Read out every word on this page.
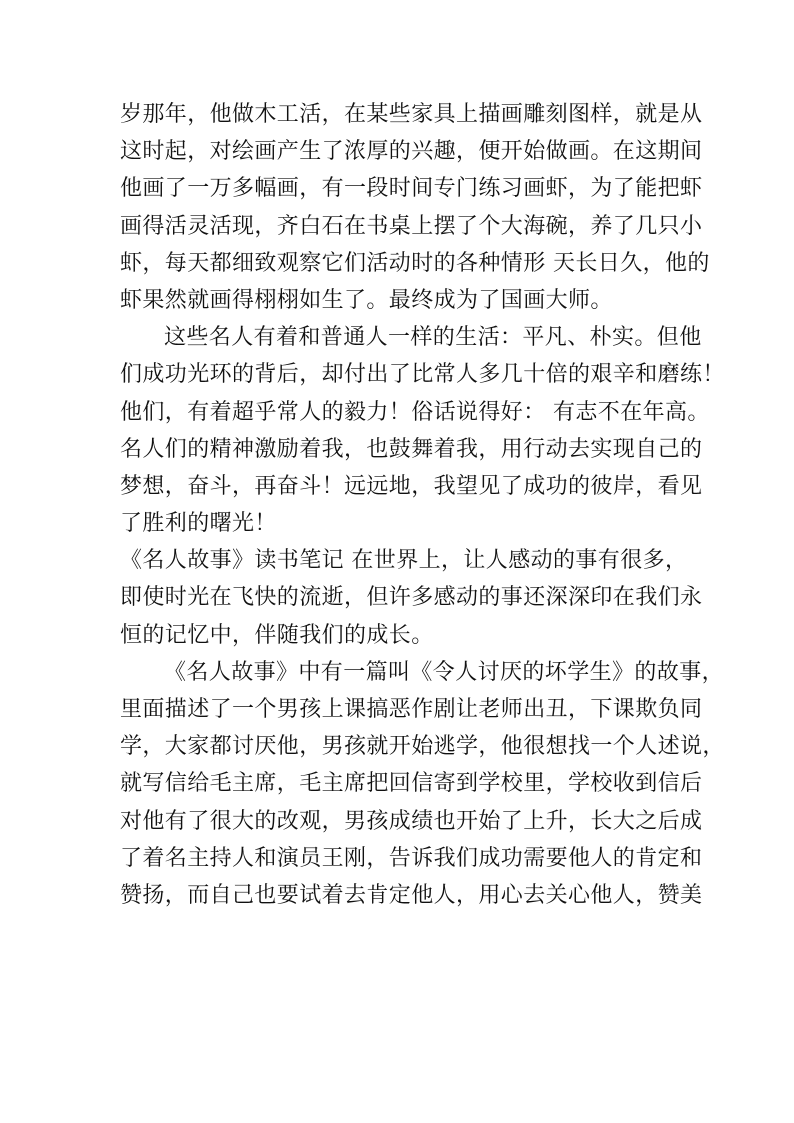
岁那年，他做木工活，在某些家具上描画雕刻图样，就是从
这时起，对绘画产生了浓厚的兴趣，便开始做画。在这期间
他画了一万多幅画，有一段时间专门练习画虾，为了能把虾
画得活灵活现，齐白石在书桌上摆了个大海碗，养了几只小
虾，每天都细致观察它们活动时的各种情形 天长日久，他的
虾果然就画得栩栩如生了。最终成为了国画大师。
这些名人有着和普通人一样的生活：平凡、朴实。但他
们成功光环的背后，却付出了比常人多几十倍的艰辛和磨练！
他们，有着超乎常人的毅力！俗话说得好： 有志不在年高。
名人们的精神激励着我，也鼓舞着我，用行动去实现自己的
梦想，奋斗，再奋斗！远远地，我望见了成功的彼岸，看见
了胜利的曙光！
《名人故事》读书笔记 在世界上，让人感动的事有很多，
即使时光在飞快的流逝，但许多感动的事还深深印在我们永
恒的记忆中，伴随我们的成长。
《名人故事》中有一篇叫《令人讨厌的坏学生》的故事，
里面描述了一个男孩上课搞恶作剧让老师出丑，下课欺负同
学，大家都讨厌他，男孩就开始逃学，他很想找一个人述说，
就写信给毛主席，毛主席把回信寄到学校里，学校收到信后
对他有了很大的改观，男孩成绩也开始了上升，长大之后成
了着名主持人和演员王刚，告诉我们成功需要他人的肯定和
赞扬，而自己也要试着去肯定他人，用心去关心他人，赞美
